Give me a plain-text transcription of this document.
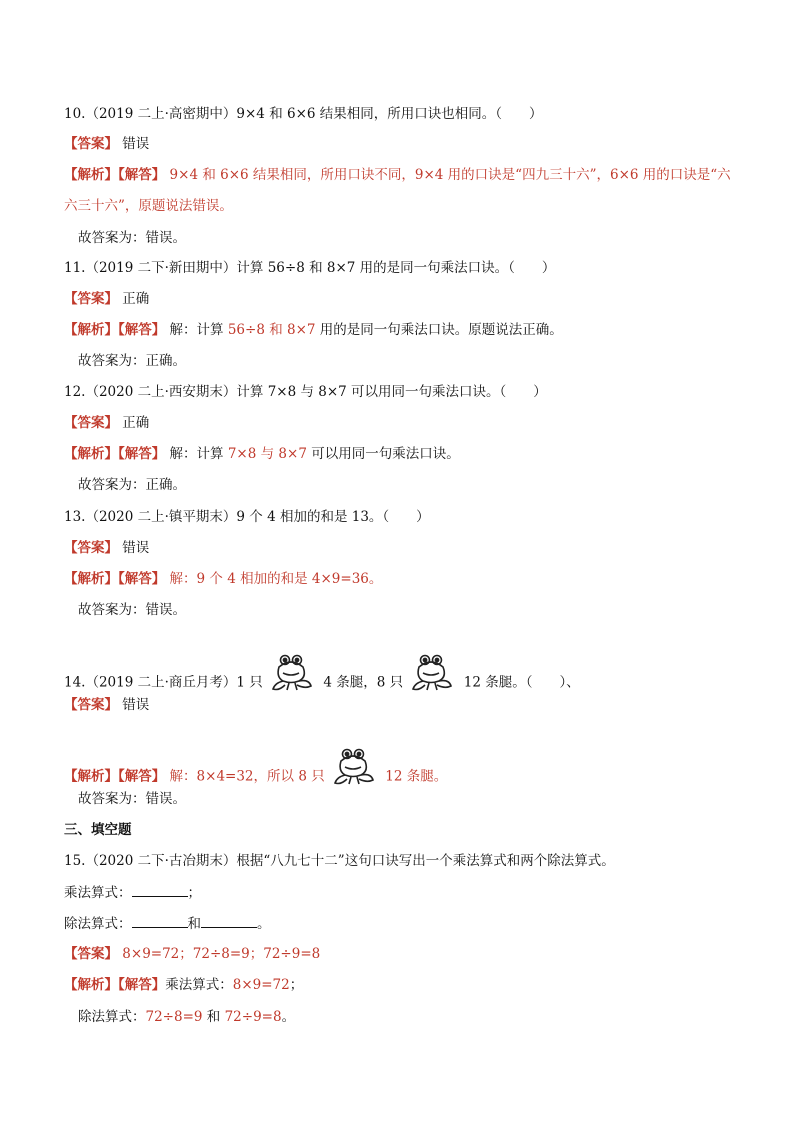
10.（2019 二上·高密期中）9×4 和 6×6 结果相同，所用口诀也相同。（　　）
【答案】 错误
【解析】【解答】 9×4 和 6×6 结果相同，所用口诀不同，9×4 用的口诀是“四九三十六”，6×6 用的口诀是“六
六三十六”，原题说法错误。
故答案为：错误。
11.（2019 二下·新田期中）计算 56÷8 和 8×7 用的是同一句乘法口诀。（　　）
【答案】 正确
【解析】【解答】 解：计算 56÷8 和 8×7 用的是同一句乘法口诀。原题说法正确。
故答案为：正确。
12.（2020 二上·西安期末）计算 7×8 与 8×7 可以用同一句乘法口诀。（　　）
【答案】 正确
【解析】【解答】 解：计算 7×8 与 8×7 可以用同一句乘法口诀。
故答案为：正确。
13.（2020 二上·镇平期末）9 个 4 相加的和是 13。（　　）
【答案】 错误
【解析】【解答】 解：9 个 4 相加的和是 4×9=36。
故答案为：错误。
14.（2019 二上·商丘月考）1 只	4 条腿，8 只	12 条腿。（　　）、
【答案】 错误
【解析】【解答】 解：8×4=32，所以 8 只	12 条腿。
故答案为：错误。
三、填空题
15.（2020 二下·古冶期末）根据“八九七十二”这句口诀写出一个乘法算式和两个除法算式。
乘法算式：	；
除法算式：	和	。
【答案】 8×9=72；72÷8=9；72÷9=8
【解析】【解答】乘法算式：8×9=72；
除法算式：72÷8=9 和 72÷9=8。
